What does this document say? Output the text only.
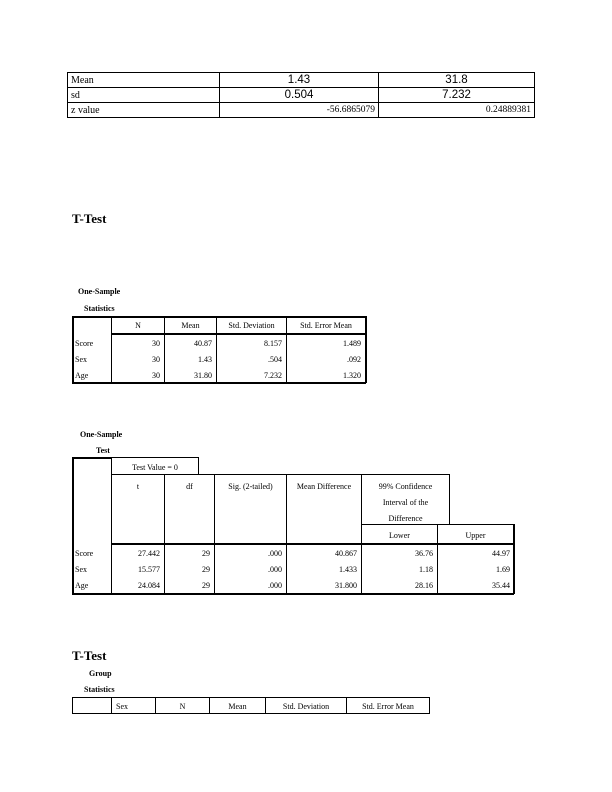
Mean	1.43	31.8
sd	0.504	7.232
z value	-56.6865079	0.24889381
T-Test
One-Sample
Statistics
N	Mean	Std. Deviation	Std. Error Mean
Score	30	40.87	8.157	1.489
Sex	30	1.43	.504	.092
Age	30	31.80	7.232	1.320
One-Sample
Test
Test Value = 0
t	df	Sig. (2-tailed)	Mean Difference	99% Confidence
Interval of the
Difference
Lower	Upper
Score	27.442	29	.000	40.867	36.76	44.97
Sex	15.577	29	.000	1.433	1.18	1.69
Age	24.084	29	.000	31.800	28.16	35.44
T-Test
Group
Statistics
Sex	N	Mean	Std. Deviation	Std. Error Mean
